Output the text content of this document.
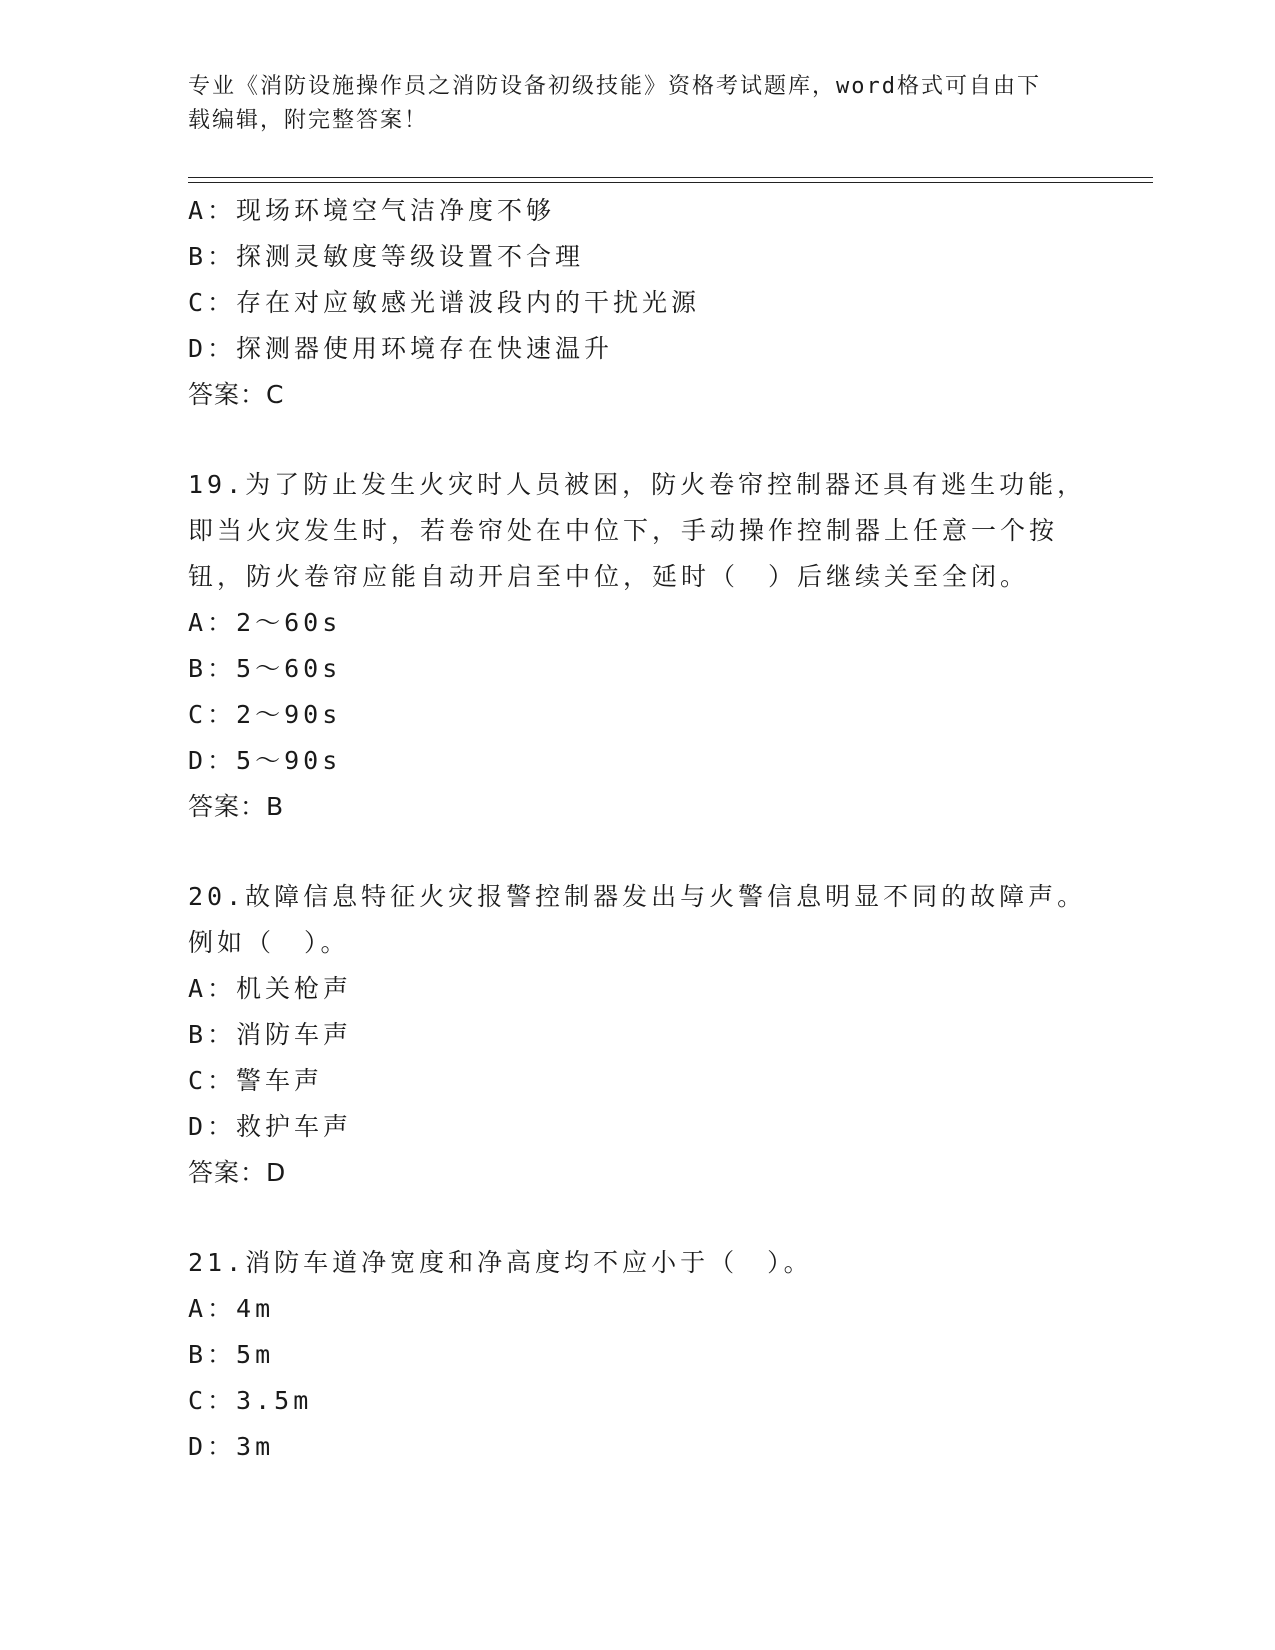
专业《消防设施操作员之消防设备初级技能》资格考试题库，word格式可自由下
载编辑，附完整答案！
A：现场环境空气洁净度不够
B：探测灵敏度等级设置不合理
C：存在对应敏感光谱波段内的干扰光源
D：探测器使用环境存在快速温升
答案：C
19.为了防止发生火灾时人员被困，防火卷帘控制器还具有逃生功能，
即当火灾发生时，若卷帘处在中位下，手动操作控制器上任意一个按
钮，防火卷帘应能自动开启至中位，延时（　）后继续关至全闭。
A：2～60s
B：5～60s
C：2～90s
D：5～90s
答案：B
20.故障信息特征火灾报警控制器发出与火警信息明显不同的故障声。
例如（　）。
A：机关枪声
B：消防车声
C：警车声
D：救护车声
答案：D
21.消防车道净宽度和净高度均不应小于（　）。
A：4m
B：5m
C：3.5m
D：3m
